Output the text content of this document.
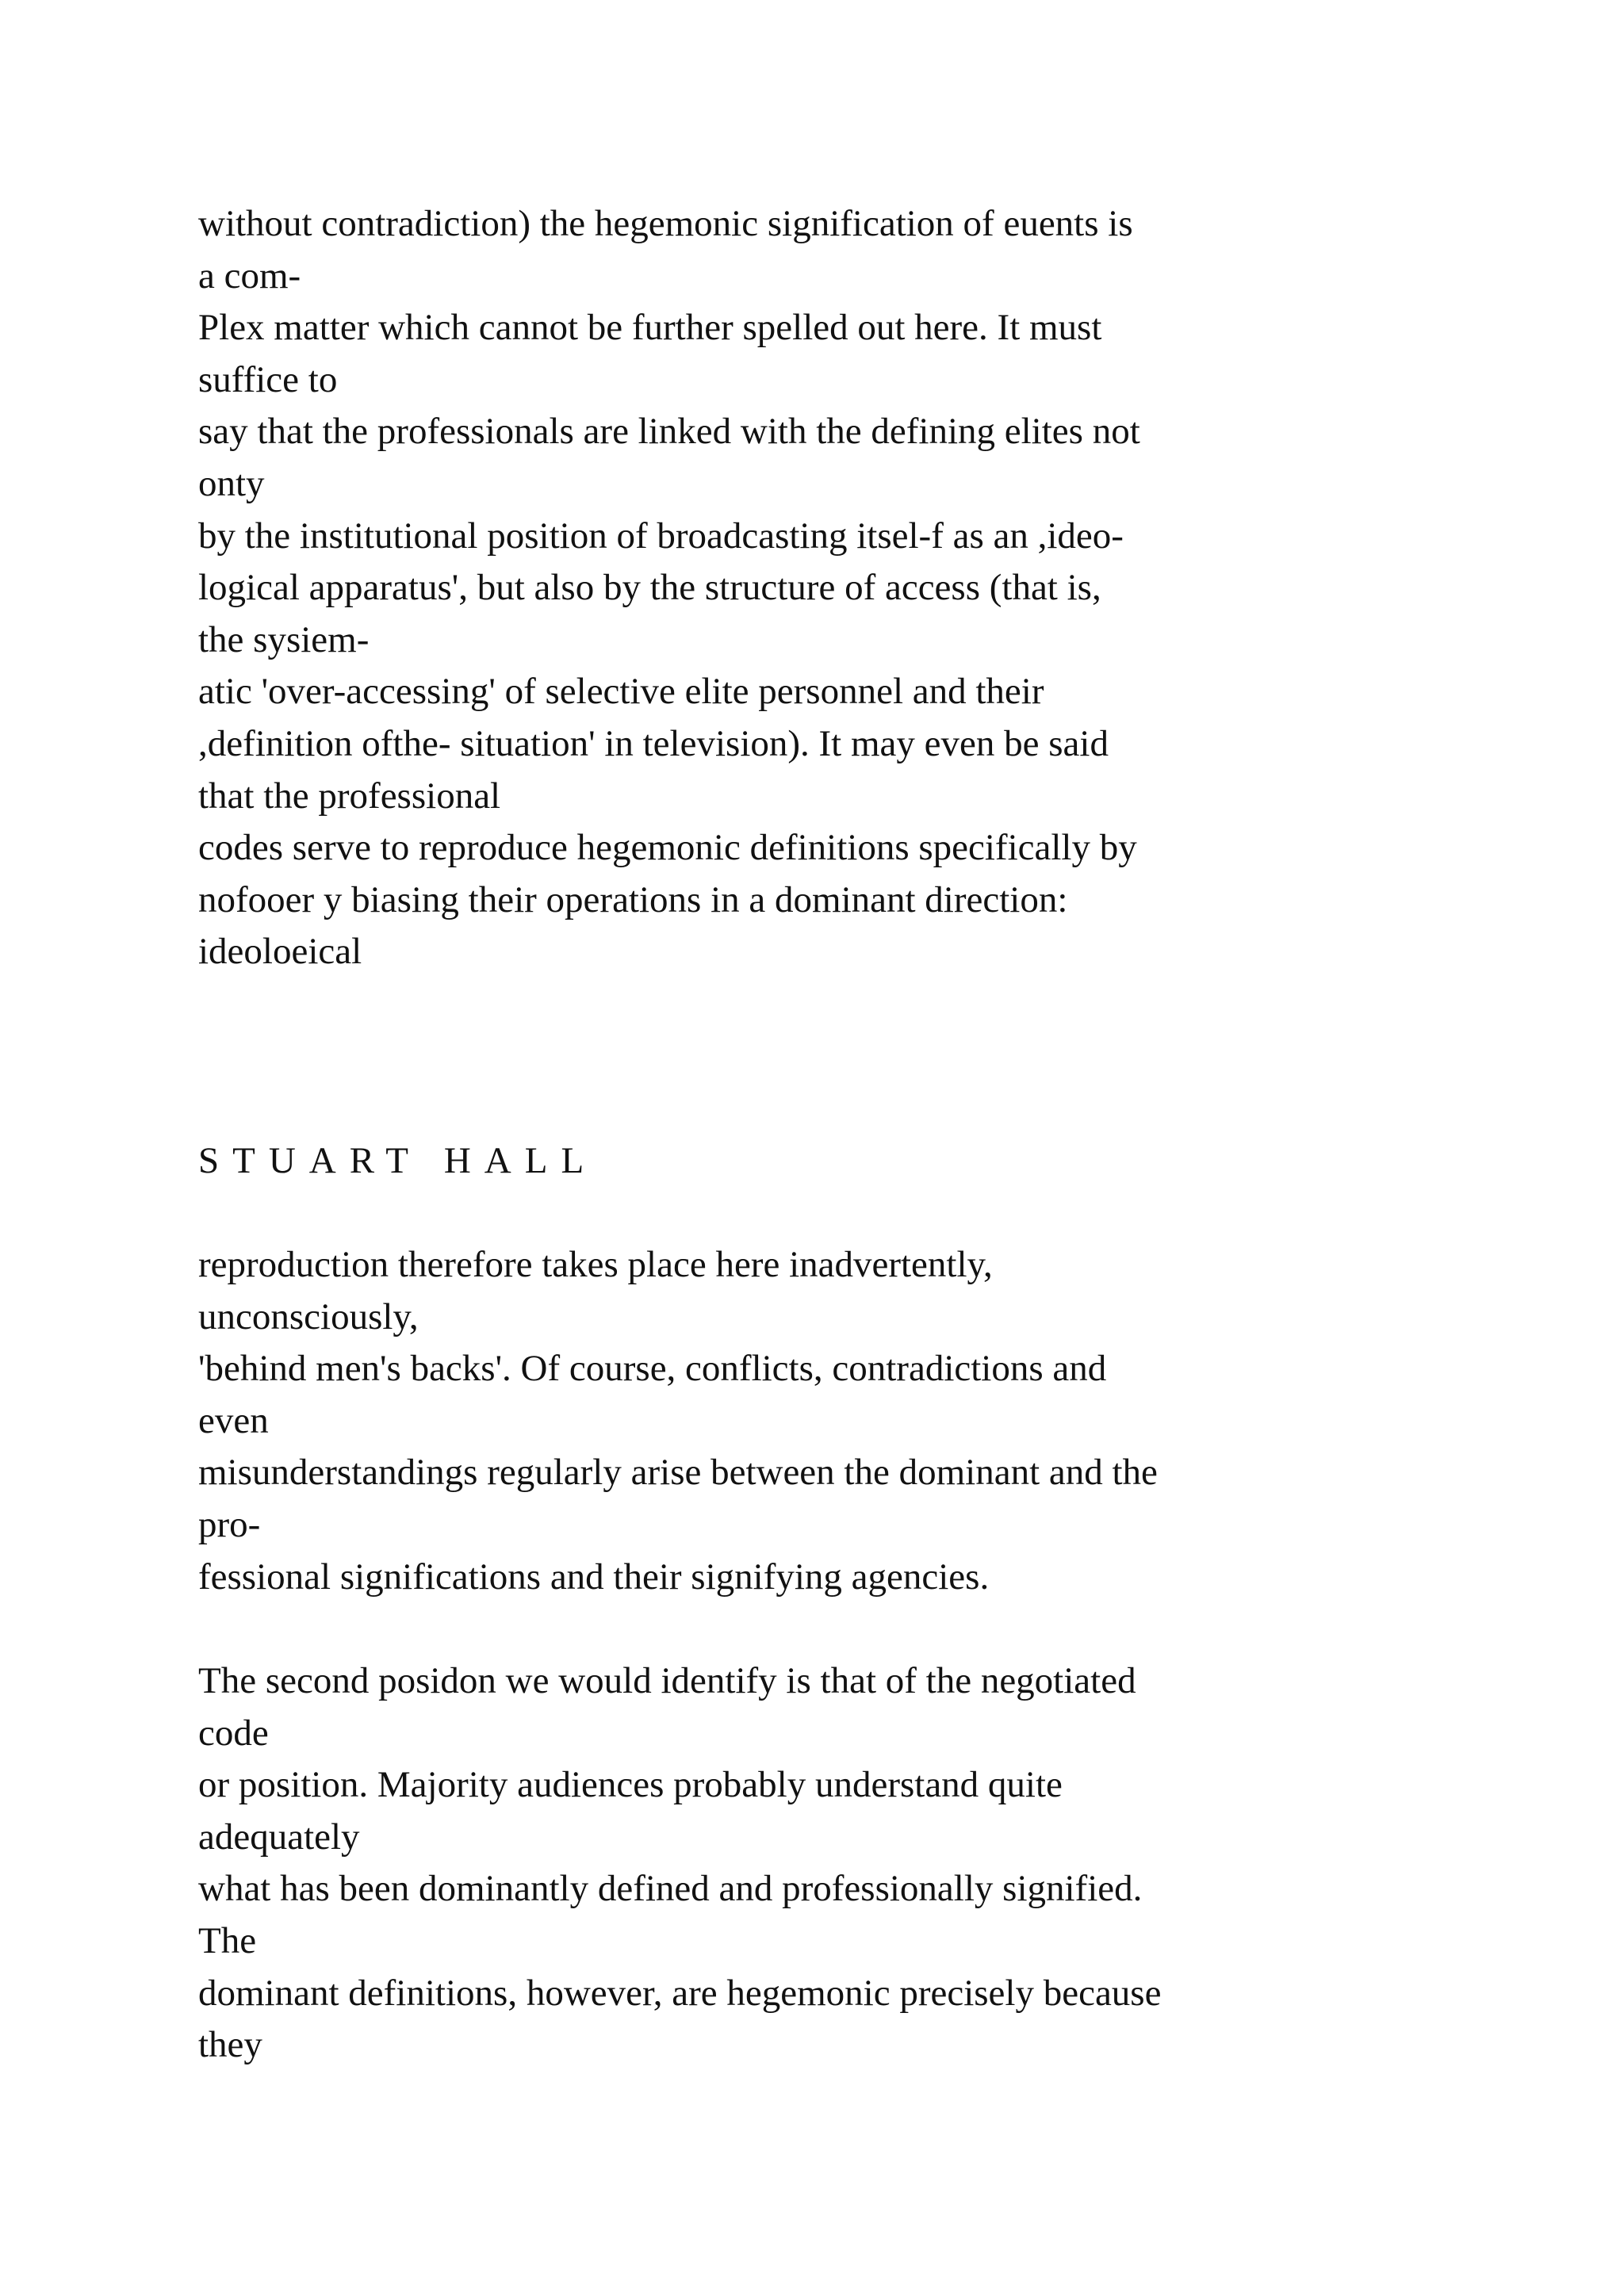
without contradiction) the hegemonic signification of euents is
a com-
Plex matter which cannot be further spelled out here. It must
suffice to
say that the professionals are linked with the defining elites not
onty
by the institutional position of broadcasting itsel-f as an ,ideo-
logical apparatus', but also by the structure of access (that is,
the sysiem-
atic 'over-accessing' of selective elite personnel and their
,definition ofthe- situation' in television). It may even be said
that the professional
codes serve to reproduce hegemonic definitions specifically by
nofooer y biasing their operations in a dominant direction:
ideoloeical
STUART HALL
reproduction therefore takes place here inadvertently,
unconsciously,
'behind men's backs'. Of course, conflicts, contradictions and
even
misunderstandings regularly arise between the dominant and the
pro-
fessional significations and their signifying agencies.
The second posidon we would identify is that of the negotiated
code
or position. Majority audiences probably understand quite
adequately
what has been dominantly defined and professionally signified.
The
dominant definitions, however, are hegemonic precisely because
they
